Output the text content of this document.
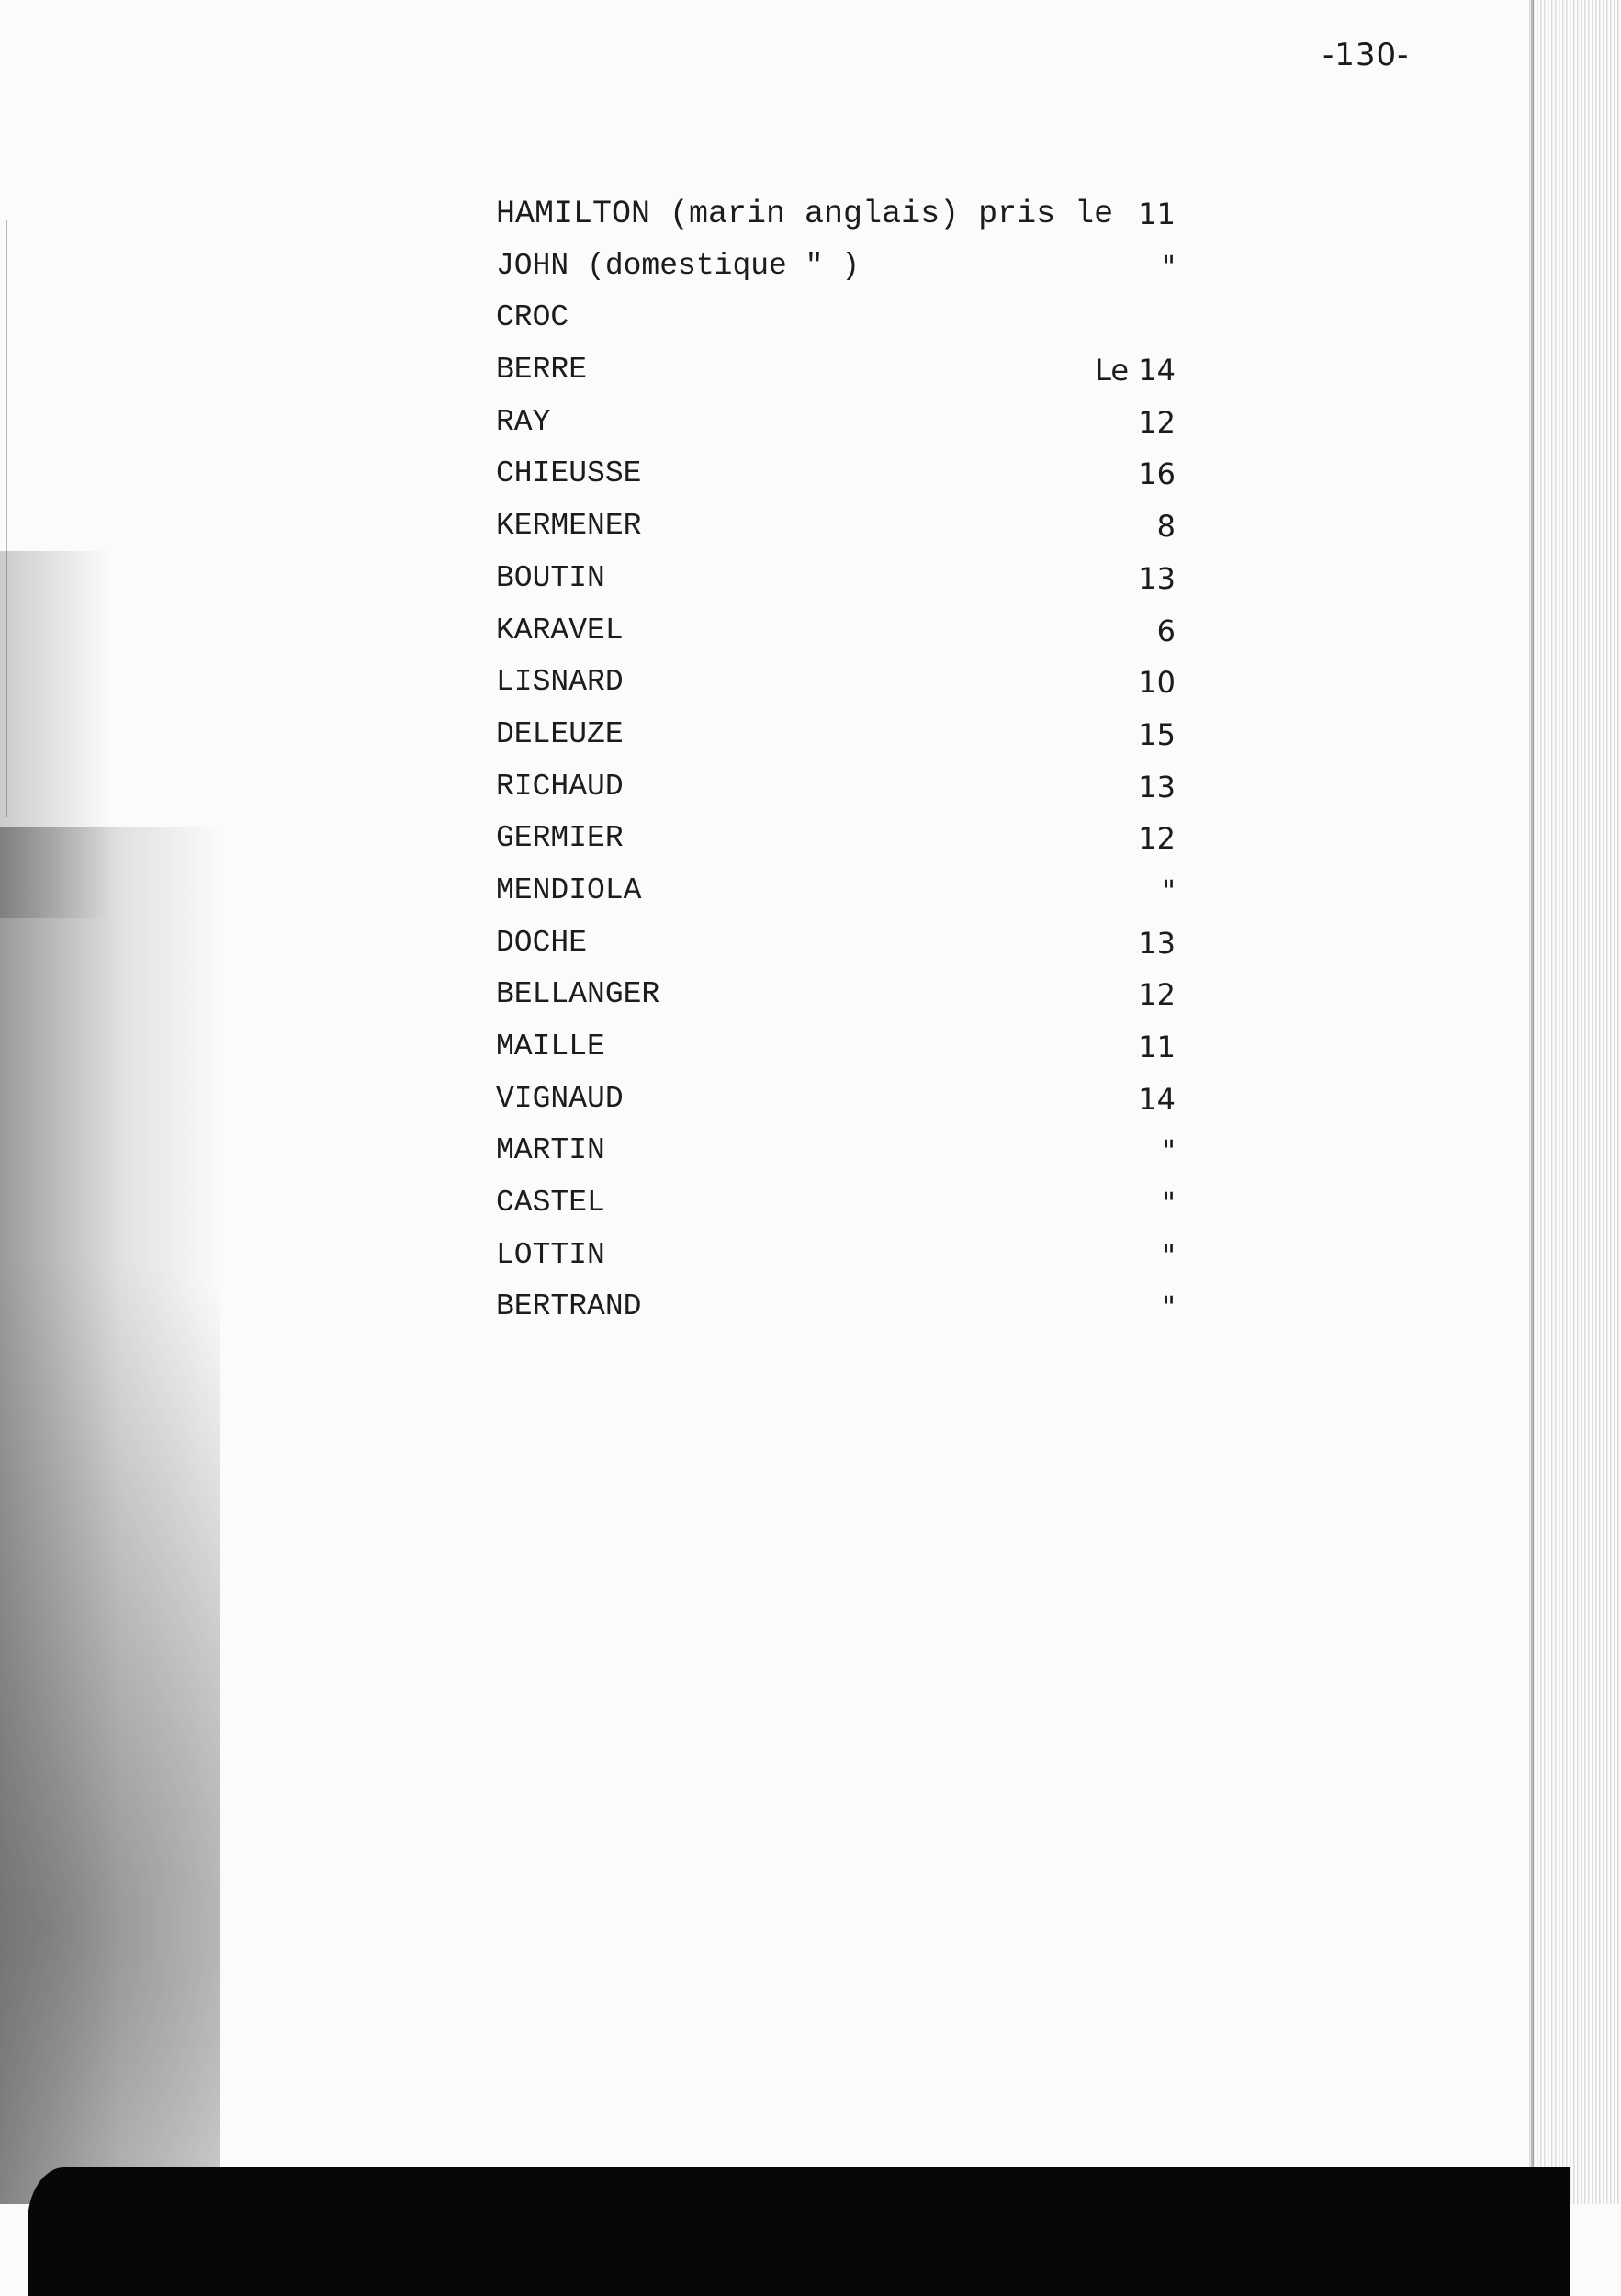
-130-
HAMILTON (marin anglais) pris le 11
JOHN (domestique " )	"
CROC
BERRE	Le 14
RAY	12
CHIEUSSE	16
KERMENER	8
BOUTIN	13
KARAVEL	6
LISNARD	10
DELEUZE	15
RICHAUD	13
GERMIER	12
MENDIOLA	"
DOCHE	13
BELLANGER	12
MAILLE	11
VIGNAUD	14
MARTIN	"
CASTEL	"
LOTTIN	"
BERTRAND	"
